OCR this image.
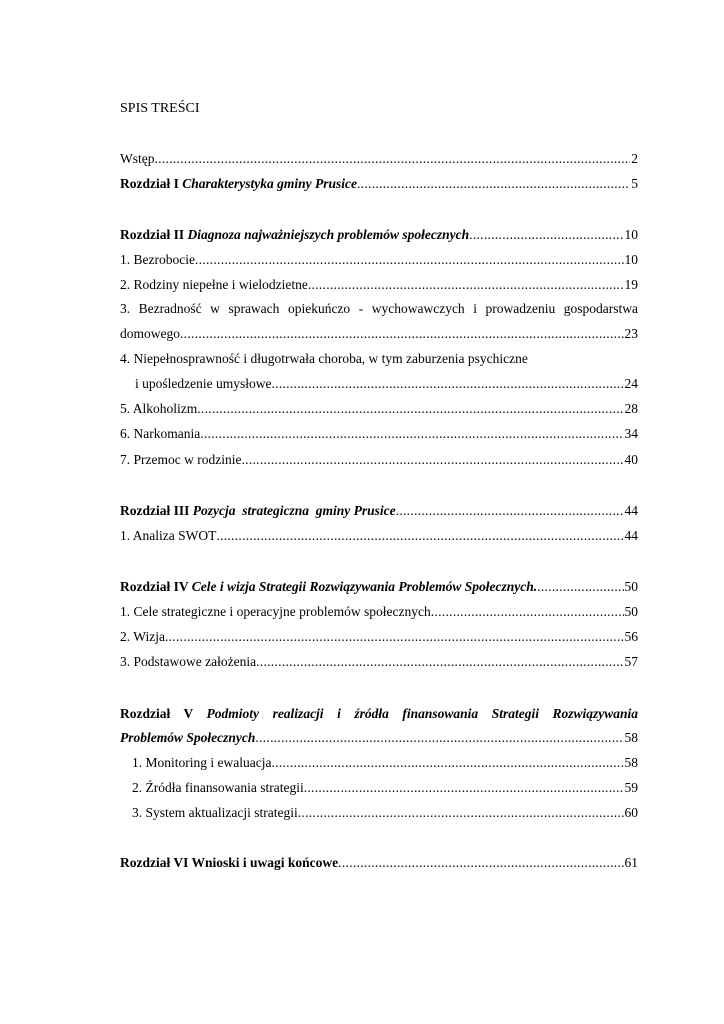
SPIS TREŚCI
Wstęp .....	2
Rozdział I Charakterystyka gminy Prusice .....	5
Rozdział II Diagnoza najważniejszych problemów społecznych .....	10
1. Bezrobocie .....	10
2. Rodziny niepełne i wielodzietne .....	19
3. Bezradność w sprawach opiekuńczo - wychowawczych i prowadzeniu gospodarstwa
domowego .....	23
4. Niepełnosprawność i długotrwała choroba, w tym zaburzenia psychiczne
i upośledzenie umysłowe .....	24
5. Alkoholizm .....	28
6. Narkomania .....	34
7. Przemoc w rodzinie .....	40
Rozdział III Pozycja  strategiczna  gminy Prusice .....	44
1. Analiza SWOT .....	44
Rozdział IV Cele i wizja Strategii Rozwiązywania Problemów Społecznych. .....	50
1. Cele strategiczne i operacyjne problemów społecznych .....	50
2. Wizja .....	56
3. Podstawowe założenia .....	57
Rozdział V Podmioty realizacji i źródła finansowania Strategii Rozwiązywania
Problemów Społecznych .....	58
1. Monitoring i ewaluacja .....	58
2. Źródła finansowania strategii .....	59
3. System aktualizacji strategii .....	60
Rozdział VI Wnioski i uwagi końcowe .....	61
